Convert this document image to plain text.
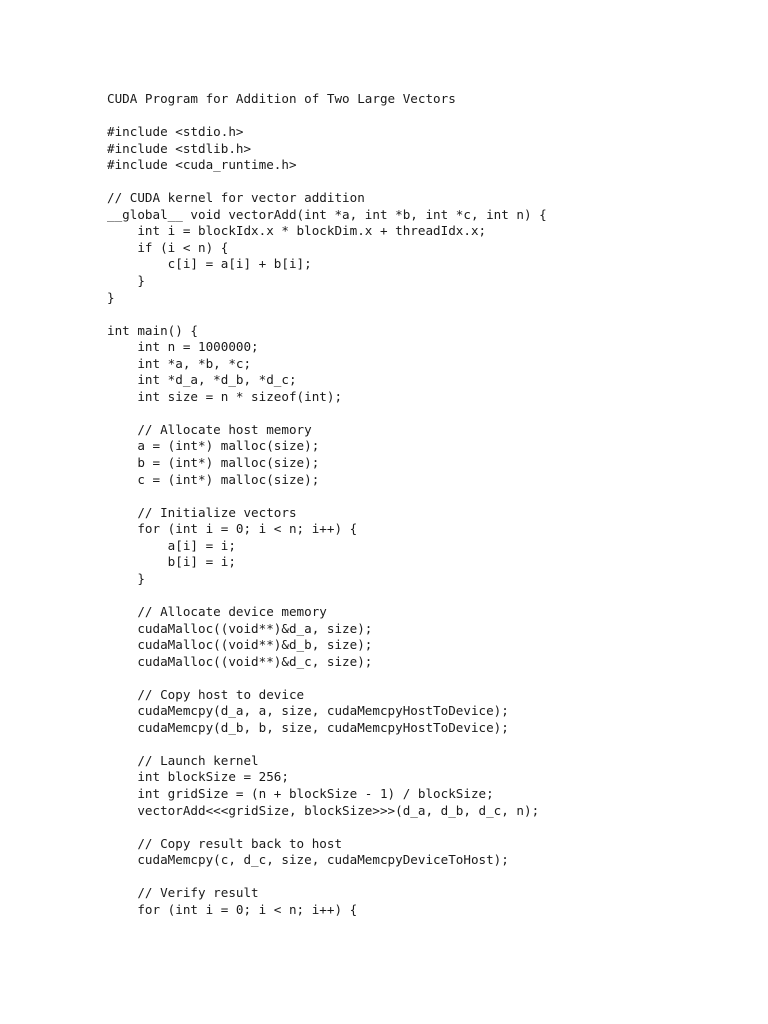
CUDA Program for Addition of Two Large Vectors
#include <stdio.h>
#include <stdlib.h>
#include <cuda_runtime.h>
// CUDA kernel for vector addition
__global__ void vectorAdd(int *a, int *b, int *c, int n) {
int i = blockIdx.x * blockDim.x + threadIdx.x;
if (i < n) {
c[i] = a[i] + b[i];
}
}
int main() {
int n = 1000000;
int *a, *b, *c;
int *d_a, *d_b, *d_c;
int size = n * sizeof(int);
// Allocate host memory
a = (int*) malloc(size);
b = (int*) malloc(size);
c = (int*) malloc(size);
// Initialize vectors
for (int i = 0; i < n; i++) {
a[i] = i;
b[i] = i;
}
// Allocate device memory
cudaMalloc((void**)&d_a, size);
cudaMalloc((void**)&d_b, size);
cudaMalloc((void**)&d_c, size);
// Copy host to device
cudaMemcpy(d_a, a, size, cudaMemcpyHostToDevice);
cudaMemcpy(d_b, b, size, cudaMemcpyHostToDevice);
// Launch kernel
int blockSize = 256;
int gridSize = (n + blockSize - 1) / blockSize;
vectorAdd<<<gridSize, blockSize>>>(d_a, d_b, d_c, n);
// Copy result back to host
cudaMemcpy(c, d_c, size, cudaMemcpyDeviceToHost);
// Verify result
for (int i = 0; i < n; i++) {
